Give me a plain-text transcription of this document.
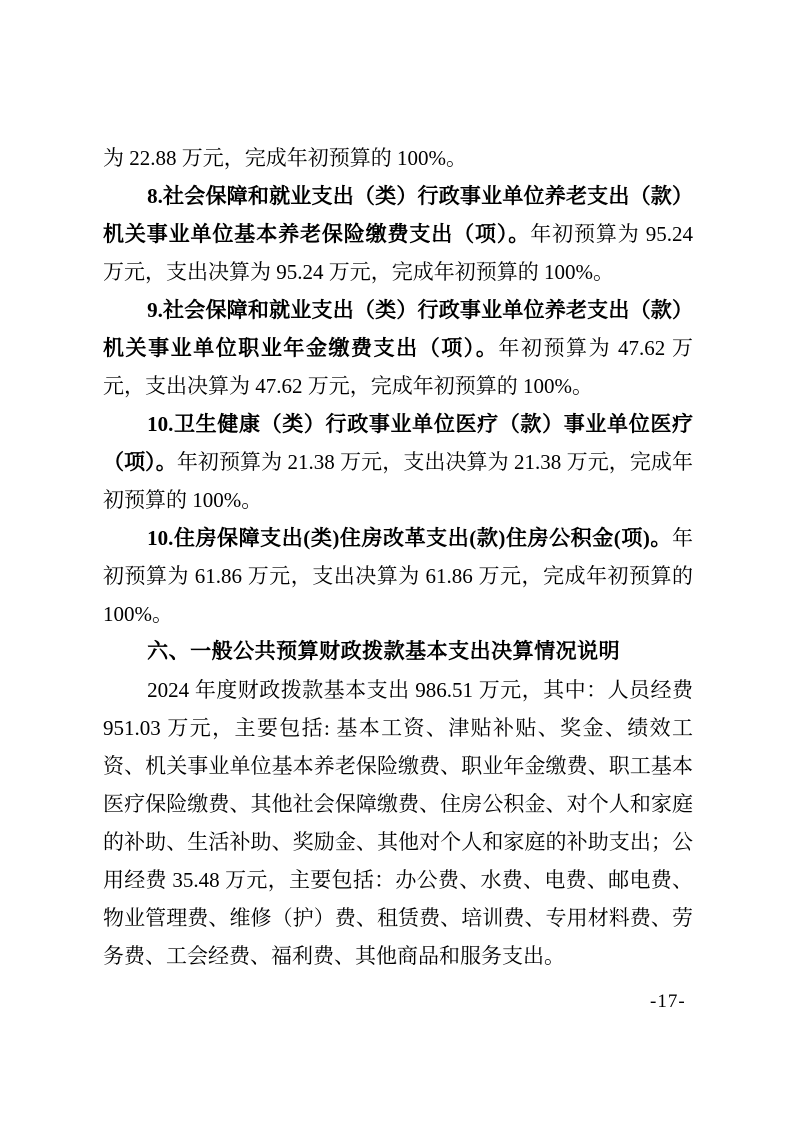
为 22.88 万元，完成年初预算的 100%。

8.社会保障和就业支出（类）行政事业单位养老支出（款）机关事业单位基本养老保险缴费支出（项）。年初预算为 95.24 万元，支出决算为 95.24 万元，完成年初预算的 100%。

9.社会保障和就业支出（类）行政事业单位养老支出（款）机关事业单位职业年金缴费支出（项）。年初预算为 47.62 万元，支出决算为 47.62 万元，完成年初预算的 100%。

10.卫生健康（类）行政事业单位医疗（款）事业单位医疗（项）。年初预算为 21.38 万元，支出决算为 21.38 万元，完成年初预算的 100%。

10.住房保障支出(类)住房改革支出(款)住房公积金(项)。年初预算为 61.86 万元，支出决算为 61.86 万元，完成年初预算的 100%。

六、一般公共预算财政拨款基本支出决算情况说明

2024 年度财政拨款基本支出 986.51 万元，其中：人员经费 951.03 万元，主要包括: 基本工资、津贴补贴、奖金、绩效工资、机关事业单位基本养老保险缴费、职业年金缴费、职工基本医疗保险缴费、其他社会保障缴费、住房公积金、对个人和家庭的补助、生活补助、奖励金、其他对个人和家庭的补助支出；公用经费 35.48 万元，主要包括：办公费、水费、电费、邮电费、物业管理费、维修（护）费、租赁费、培训费、专用材料费、劳务费、工会经费、福利费、其他商品和服务支出。

-17-
